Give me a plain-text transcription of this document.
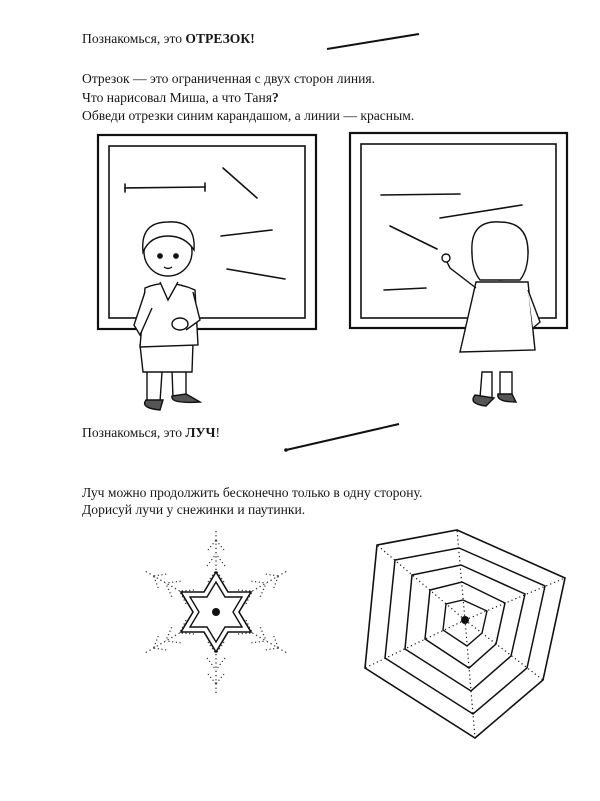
Познакомься, это ОТРЕЗОК!
Отрезок — это ограниченная с двух сторон линия.
Что нарисовал Миша, а что Таня?
Обведи отрезки синим карандашом, а линии — красным.
Познакомься, это ЛУЧ!
Луч можно продолжить бесконечно только в одну сторону.
Дорисуй лучи у снежинки и паутинки.
